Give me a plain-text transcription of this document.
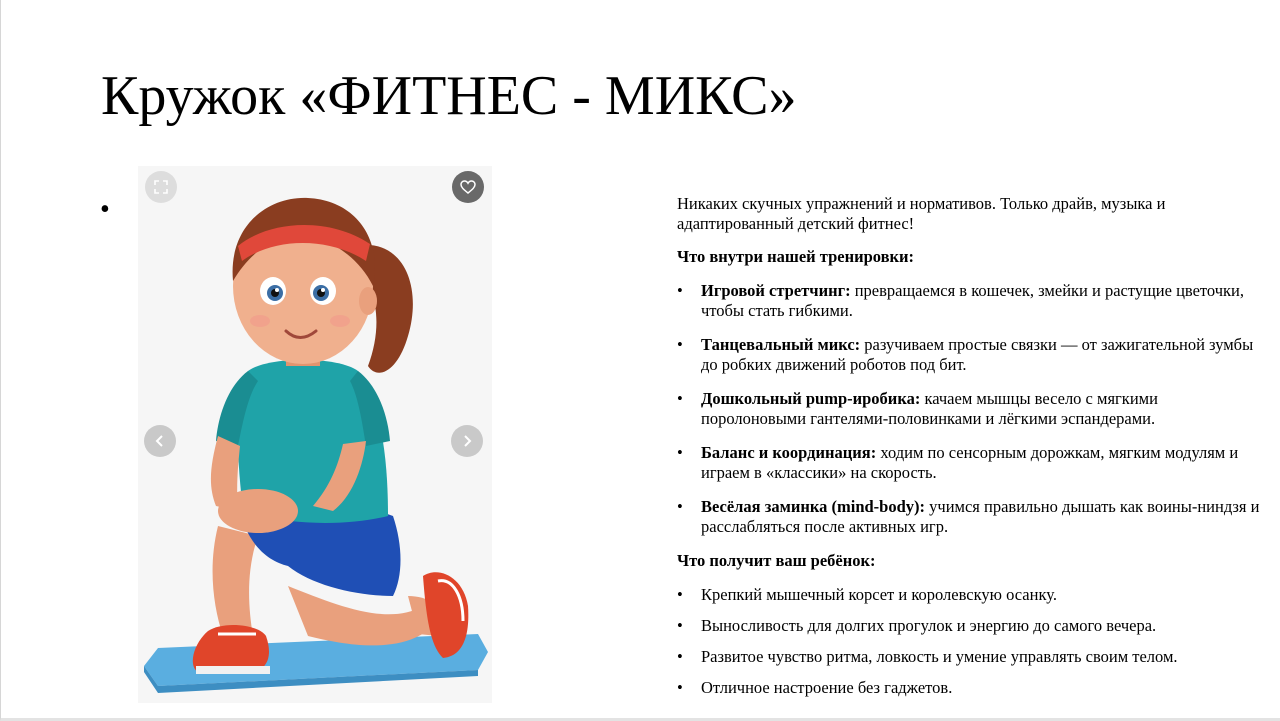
Кружок «ФИТНЕС - МИКС»
•	Никаких скучных упражнений и нормативов. Только драйв, музыка и адаптированный детский фитнес!

Что внутри нашей тренировки:

• Игровой стретчинг: превращаемся в кошечек, змейки и растущие цветочки, чтобы стать гибкими.
• Танцевальный микс: разучиваем простые связки — от зажигательной зумбы до робких движений роботов под бит.
• Дошкольный pump-иробика: качаем мышцы весело с мягкими поролоновыми гантелями-половинками и лёгкими эспандерами.
• Баланс и координация: ходим по сенсорным дорожкам, мягким модулям и играем в «классики» на скорость.
• Весёлая заминка (mind-body): учимся правильно дышать как воины-ниндзя и расслабляться после активных игр.

Что получит ваш ребёнок:

• Крепкий мышечный корсет и королевскую осанку.
• Выносливость для долгих прогулок и энергию до самого вечера.
• Развитое чувство ритма, ловкость и умение управлять своим телом.
• Отличное настроение без гаджетов.
